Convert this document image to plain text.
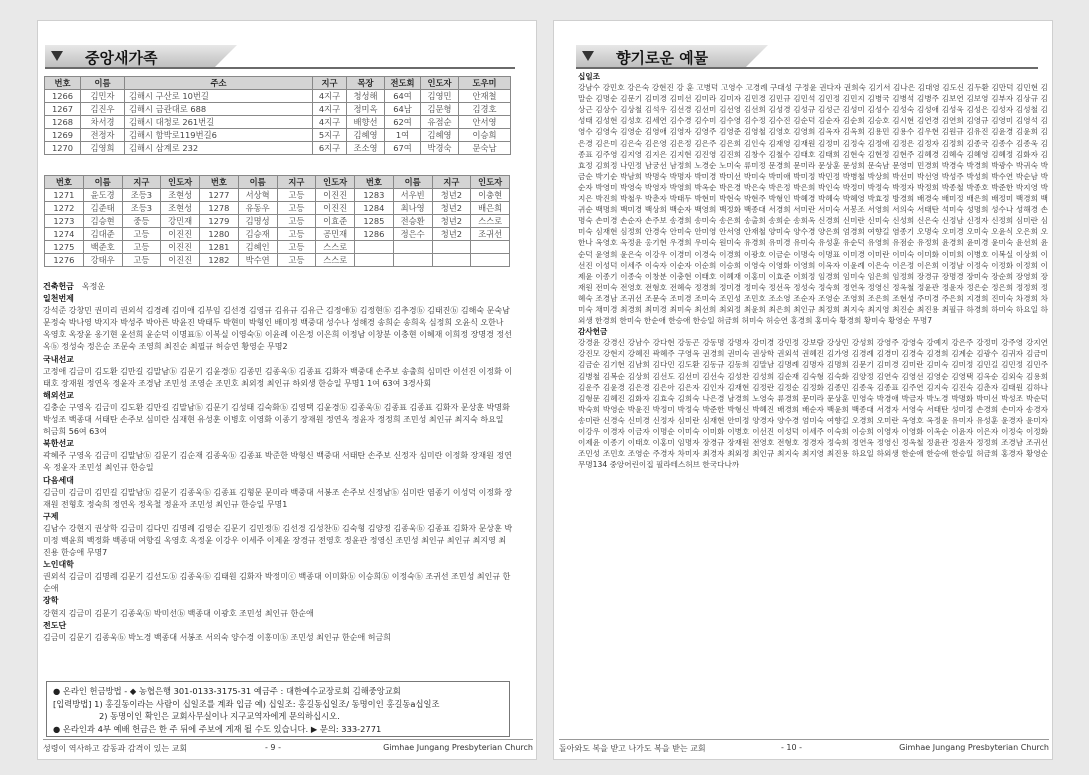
중앙새가족
번호	이름	주소	지구	목장	전도회	인도자	도우미
1266	김민자	김해시 구산로 10번길	4지구	청성해	64여	김영민	안재철
1267	김진우	김해시 금관대로 688	4지구	정미옥	64남	김문형	김경호
1268	차서경	김해시 대청로 261번길	4지구	배향선	62여	유점순	안서영
1269	전정자	김해시 함박로119번길6	5지구	김혜영	1여	김혜영	이승희
1270	김영희	김해시 삼계로 232	6지구	조소영	67여	박경숙	문숙남
번호	이름	지구	인도자	번호	이름	지구	인도자	번호	이름	지구	인도자
1271	윤도경	조등3	조현성	1277	서상혁	고등	이진진	1283	서우빈	청년2	이충현
1272	김준태	조등3	조현성	1278	유동우	고등	이진진	1284	최나영	청년2	배은희
1273	김승현	중등	강민재	1279	김명성	고등	이효준	1285	전승환	청년2	스스로
1274	김대준	고등	이진진	1280	김승재	고등	공민재	1286	정은수	청년2	조귀선
1275	백준호	고등	이진진	1281	김혜인	고등	스스로				
1276	강태우	고등	이진진	1282	박수연	고등	스스로				
건축헌금 옥정운

일천번제
강석준 강창민 권미리 권외석 김경례 김미애 김부임 김선경 김영규 김유규 김유근 김정애ⓑ 김정현ⓑ 김추경ⓑ 김태진ⓑ 김해숙 문숙남 문정숙 박나영 박지자 박성주 박아른 박윤진 박태두 박현미 박형인 배미정 백중대 성수나 성해경 송희순 송희옥 심정희 오윤식 오한나 옥영호 옥장윤 옹기현 윤선희 윤순덕 이명표ⓑ 이복실 이영숙ⓑ 이윤례 이은정 이은희 이정남 이창분 이충현 이혜재 이희정 장명경 정선옥ⓑ 정성숙 정은순 조문숙 조영희 최진순 최필규 허승연 황영순 무명2
국내선교
고정애 김금미 김도환 김만길 김말남ⓑ 김문기 김윤경ⓑ 김종민 김종욱ⓑ 김종표 김화자 백중대 손주보 송출희 심미란 이선진 이정화 이태호 장재원 정연옥 정윤자 조경남 조민성 조영순 조민호 최외정 최인규 하외생 한승일 무명1 1여 63여 3경사회
해외선교
김충순 구영옥 김금미 김도환 김만길 김말남ⓑ 김문기 김성태 김숙화ⓑ 김영택 김윤경ⓑ 김종욱ⓑ 김종표 김종표 김화자 문상훈 박명화 박성조 백종대 서태탄 손주보 심미란 심재현 유성훈 이병호 이영화 이종기 장재원 정연옥 정윤자 정정희 조민성 최인규 최지숙 하요일 허금희 56여 63여
북한선교
곽혜주 구영옥 김금미 김말남ⓑ 김문기 김순재 김종욱ⓑ 김종표 박준한 박형신 백중대 서태탄 손주보 신정자 심미란 이정화 장재원 정연옥 정윤자 조민성 최인규 한승일
다음세대
김금미 김금미 김민길 김말남ⓑ 김문기 김종욱ⓑ 김종표 김형문 문미라 백중대 서봉조 손주보 신정남ⓑ 심미란 염종기 이성덕 이정화 장재원 전형호 정숙희 정연옥 정옥철 정윤자 조민성 최인규 한승일 무명1
구제
김남수 강현지 권상학 김금미 김다민 김명례 김영순 김문기 김민정ⓑ 김선경 김성찬ⓑ 김숙형 김양정 김종욱ⓑ 김종표 김화자 문상훈 박미정 백윤희 백정화 백종대 여향길 옥영호 옥정윤 이강우 이세주 이제윤 장경규 전영호 정윤관 정영신 조민성 최인규 최인규 최지영 최진용 한승애 무명7
노인대학
권외석 김금미 김명례 김문기 김선도ⓑ 김종욱ⓑ 김태원 김화자 박정미ⓒ 백종대 이미화ⓑ 이승희ⓑ 이정숙ⓑ 조귀선 조민성 최인규 한순애
장학
강현지 김금미 김문기 김종욱ⓑ 박미선ⓑ 백종대 이광호 조민성 최인규 한순애
전도단
김금미 김문기 김종욱ⓑ 박노경 백종대 서봉조 서의숙 양수경 이홍미ⓑ 조민성 최인규 한순애 허금희
● 온라인 헌금방법 - ◆ 농협은행 301-0133-3175-31 예금주 : 대한예수교장로회 김해중앙교회
[입력방법] 1) 홍길동이라는 사람이 십일조를 계좌 입금 예) 십일조: 홍길동십일조/ 동명이인 홍길동a십일조
2) 동명이인 확인은 교회사무실이나 지구교역자에게 문의하십시오.
● 온라인과 4부 예배 헌금은 한 주 뒤에 주보에 게재 될 수도 있습니다. ▶ 문의: 333-2771
성령이 역사하고 감동과 감격이 있는 교회	- 9 -	Gimhae Jungang Presbyterian Church
향기로운 예물
십일조
강남수 강민호 강은숙 강현진 강 훈 고병덕 고영수 고경례 구대성 구정윤 권다자 권희숙 김기서 김나은 김대영 김도신 김두환 김만덕 김민현 김말순 김명순 김문기 김미경 김미선 김미라 김미자 김민경 김민규 김민석 김민정 김민지 김병국 김병석 김병주 김보연 김보영 김부자 김상규 김상근 김상수 김상철 김석우 김선경 김선미 김선영 김선희 김성경 김성규 김성근 김성미 김성수 김성숙 김성애 김성욱 김성은 김성자 김성철 김성태 김성현 김성호 김세연 김수경 김수미 김수영 김수정 김수진 김순덕 김순자 김순희 김승호 김시현 김연경 김연희 김영규 김영미 김영석 김영수 김영숙 김영순 김영애 김영자 김영주 김영준 김영철 김영호 김영희 김옥자 김옥희 김용민 김용수 김우현 김원규 김유진 김윤경 김윤희 김은경 김은미 김은숙 김은영 김은정 김은주 김은희 김인숙 김재영 김재원 김정미 김정숙 김정애 김정은 김정자 김정희 김종국 김종수 김종욱 김종표 김주영 김지영 김지은 김지현 김진영 김진희 김창수 김철수 김태호 김태희 김현숙 김현정 김현주 김혜경 김혜숙 김혜영 김혜정 김화자 김효정 김희정 나민정 남궁선 남정희 노경순 노미숙 류미정 문경희 문미라 문상훈 문성희 문숙남 문영미 민경희 박경숙 박경희 박광수 박귀숙 박금순 박기순 박남희 박명숙 박명자 박미경 박미선 박미숙 박미애 박미정 박민정 박병철 박상희 박선미 박선영 박성주 박성희 박수연 박순남 박순자 박영미 박영숙 박영자 박영희 박옥순 박은경 박은숙 박은정 박은희 박인숙 박정미 박정숙 박정자 박정희 박종철 박종호 박준한 박지영 박지은 박진희 박철우 박춘자 박태두 박현미 박현숙 박현주 박형인 박혜경 박혜숙 박혜영 박효정 방경희 배경숙 배미정 배은희 배정미 백경희 백귀순 백명희 백미경 백상희 백순자 백영희 백정화 백종대 서경희 서미란 서미숙 서봉조 서영희 서의숙 서태탄 석미숙 성명희 성수나 성해경 손명숙 손미경 손순자 손주보 송경희 송미숙 송은희 송출희 송희순 송희옥 신경희 신미란 신미숙 신성희 신은숙 신정남 신정자 신정희 심미란 심미숙 심재현 심정희 안경숙 안미숙 안미영 안서영 안재철 양미숙 양수경 양은희 엄경희 여향길 염종기 오명숙 오미경 오미숙 오윤식 오은희 오한나 옥영호 옥정윤 옹기현 우경희 우미숙 원미숙 유경희 유미경 유미숙 유성훈 유순덕 유영희 유점순 유정희 윤경희 윤미경 윤미숙 윤선희 윤순덕 윤영희 윤은숙 이강우 이경미 이경숙 이경희 이광호 이금순 이명숙 이명표 이미경 이미란 이미숙 이미화 이미희 이병호 이복실 이상희 이선진 이성덕 이세주 이숙자 이순자 이순희 이승희 이영숙 이영화 이영희 이옥자 이윤례 이은숙 이은정 이은희 이정남 이정숙 이정화 이정희 이제윤 이종기 이종숙 이창분 이충현 이태호 이혜재 이홍미 이효준 이희정 임경희 임미숙 임은희 임정희 장경규 장명경 장미숙 장순희 장영희 장재원 전미숙 전영호 전형호 전혜숙 정경희 정미경 정미숙 정선옥 정성숙 정숙희 정연옥 정영신 정옥철 정윤관 정윤자 정은순 정은희 정정희 정혜숙 조경남 조귀선 조문숙 조미경 조미숙 조민성 조민호 조소영 조순자 조영순 조영희 조은희 조현성 주미경 주은희 지경희 진미숙 차경희 차미숙 채미경 최경희 최미경 최미숙 최선희 최외정 최윤희 최은희 최인규 최정희 최지숙 최지영 최진순 최진용 최필규 하경희 하미숙 하요일 하외생 한경희 한미숙 한순애 한승애 한승일 허금희 허미숙 허승연 홍경희 홍미숙 황경희 황미숙 황영순 무명7
감사헌금
강경윤 강경신 강남수 강다현 강동곤 강동명 강명자 강미경 강민정 강보람 강상민 강성희 강영주 강영숙 강예지 강은주 강정미 강주영 강지연 강진모 강현지 강혜진 곽혜주 구영옥 권경희 권미숙 권상학 권외석 권혜진 김가영 김경례 김경미 김경숙 김경희 김계순 김광수 김귀자 김금미 김금순 김기현 김남희 김다민 김도환 김동규 김동희 김말남 김명례 김명자 김명희 김문기 김미경 김미란 김미숙 김미정 김민길 김민정 김민주 김병철 김복순 김상희 김선도 김선미 김선숙 김성찬 김성희 김순재 김숙형 김숙화 김양정 김연숙 김영선 김영순 김영택 김옥순 김외숙 김용희 김운주 김윤경 김은경 김은아 김은자 김인자 김재현 김정란 김정순 김정화 김종민 김종욱 김종표 김주연 김지숙 김진숙 김춘자 김태원 김하나 김형문 김혜진 김화자 김효숙 김희숙 나은경 남경희 노영숙 류경희 문미라 문상훈 민영숙 박경애 박금자 박노경 박명화 박미선 박성조 박순덕 박숙희 박영순 박윤진 박정미 박정숙 박준한 박형신 박혜진 배경희 배순자 백윤희 백종대 서경자 서영숙 서태탄 성미정 손경희 손미자 송경자 송미란 신경숙 신미경 신정자 심미란 심재현 안미정 양경자 양수경 엄미숙 여향길 오경희 오미란 옥영호 옥정윤 유미자 유성훈 윤경자 윤미자 이강우 이경자 이금자 이명순 이미숙 이미화 이병호 이선진 이성덕 이세주 이숙희 이승희 이영자 이영화 이옥순 이윤자 이은자 이정숙 이정화 이제윤 이종기 이태호 이홍미 임명자 장경규 장재원 전영호 전형호 정경자 정숙희 정연옥 정영신 정옥철 정윤관 정윤자 정정희 조경남 조귀선 조민성 조민호 조영순 주경자 차미자 최경자 최외정 최인규 최지숙 최지영 최진용 하요일 하외생 한순애 한승애 한승일 허금희 홍경자 황영순 무명134 중앙어린이집 필라테스허브 한국다나까
돌아와도 복을 받고 나가도 복을 받는 교회	- 10 -	Gimhae Jungang Presbyterian Church
